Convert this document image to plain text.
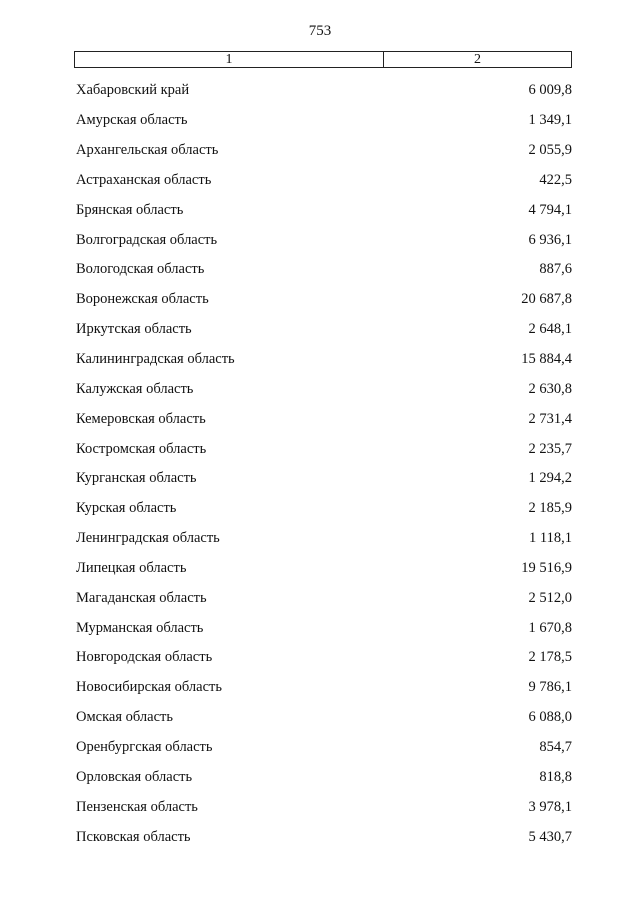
753
1	2
Хабаровский край	6 009,8
Амурская область	1 349,1
Архангельская область	2 055,9
Астраханская область	422,5
Брянская область	4 794,1
Волгоградская область	6 936,1
Вологодская область	887,6
Воронежская область	20 687,8
Иркутская область	2 648,1
Калининградская область	15 884,4
Калужская область	2 630,8
Кемеровская область	2 731,4
Костромская область	2 235,7
Курганская область	1 294,2
Курская область	2 185,9
Ленинградская область	1 118,1
Липецкая область	19 516,9
Магаданская область	2 512,0
Мурманская область	1 670,8
Новгородская область	2 178,5
Новосибирская область	9 786,1
Омская область	6 088,0
Оренбургская область	854,7
Орловская область	818,8
Пензенская область	3 978,1
Псковская область	5 430,7
